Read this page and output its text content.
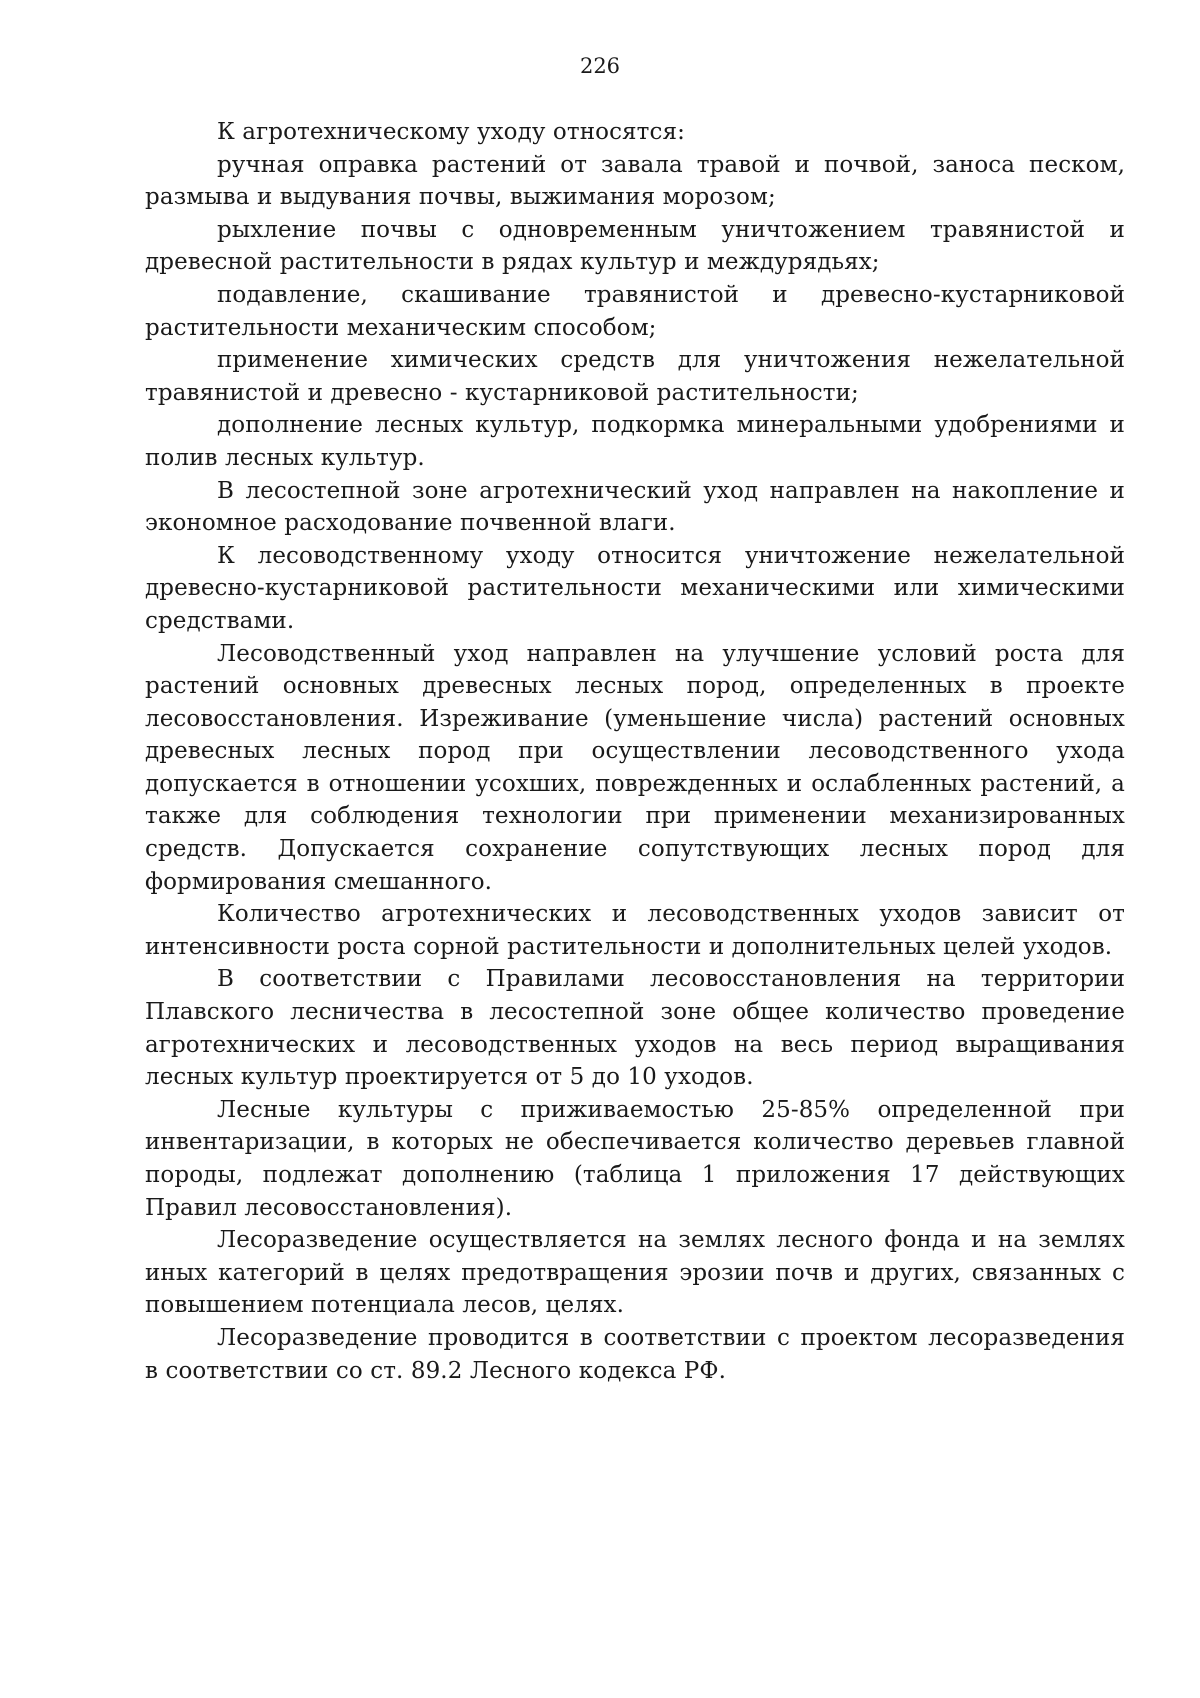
226

К агротехническому уходу относятся:

ручная оправка растений от завала травой и почвой, заноса песком, размыва и выдувания почвы, выжимания морозом;

рыхление почвы с одновременным уничтожением травянистой и древесной растительности в рядах культур и междурядьях;

подавление, скашивание травянистой и древесно-кустарниковой растительности механическим способом;

применение химических средств для уничтожения нежелательной травянистой и древесно - кустарниковой растительности;

дополнение лесных культур, подкормка минеральными удобрениями и полив лесных культур.

В лесостепной зоне агротехнический уход направлен на накопление и экономное расходование почвенной влаги.

К лесоводственному уходу относится уничтожение нежелательной древесно-кустарниковой растительности механическими или химическими средствами.

Лесоводственный уход направлен на улучшение условий роста для растений основных древесных лесных пород, определенных в проекте лесовосстановления. Изреживание (уменьшение числа) растений основных древесных лесных пород при осуществлении лесоводственного ухода допускается в отношении усохших, поврежденных и ослабленных растений, а также для соблюдения технологии при применении механизированных средств. Допускается сохранение сопутствующих лесных пород для формирования смешанного.

Количество агротехнических и лесоводственных уходов зависит от интенсивности роста сорной растительности и дополнительных целей уходов.

В соответствии с Правилами лесовосстановления на территории Плавского лесничества в лесостепной зоне общее количество проведение агротехнических и лесоводственных уходов на весь период выращивания лесных культур проектируется от 5 до 10 уходов.

Лесные культуры с приживаемостью 25-85% определенной при инвентаризации, в которых не обеспечивается количество деревьев главной породы, подлежат дополнению (таблица 1 приложения 17 действующих Правил лесовосстановления).

Лесоразведение осуществляется на землях лесного фонда и на землях иных категорий в целях предотвращения эрозии почв и других, связанных с повышением потенциала лесов, целях.

Лесоразведение проводится в соответствии с проектом лесоразведения в соответствии со ст. 89.2 Лесного кодекса РФ.
